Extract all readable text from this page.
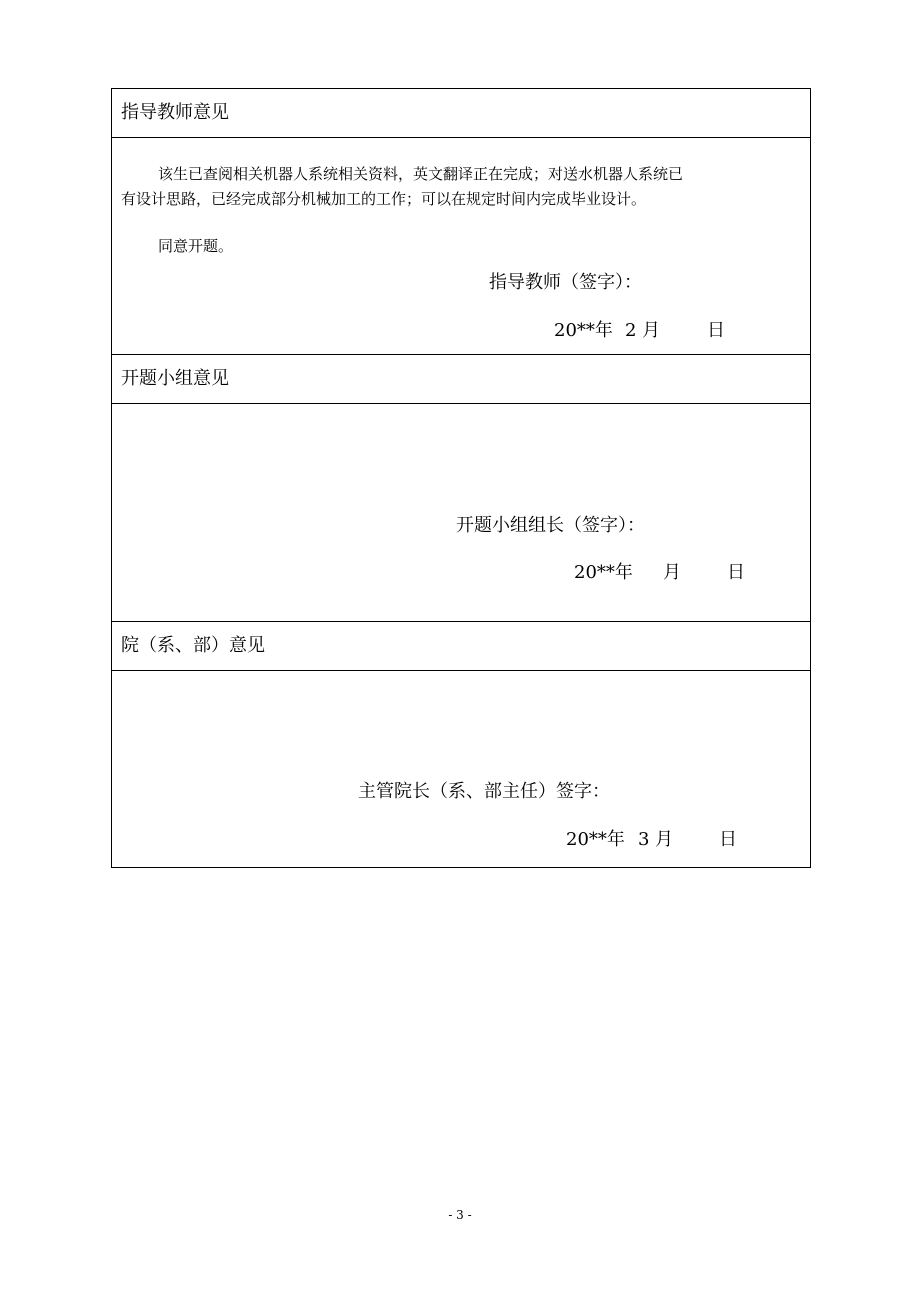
指导教师意见
该生已查阅相关机器人系统相关资料，英文翻译正在完成；对送水机器人系统已
有设计思路，已经完成部分机械加工的工作；可以在规定时间内完成毕业设计。
同意开题。
指导教师（签字）：
20**年 2 月	日
开题小组意见
开题小组组长（签字）：
20**年 月	日
院（系、部）意见
主管院长（系、部主任）签字：
20**年 3 月	日
- 3 -
